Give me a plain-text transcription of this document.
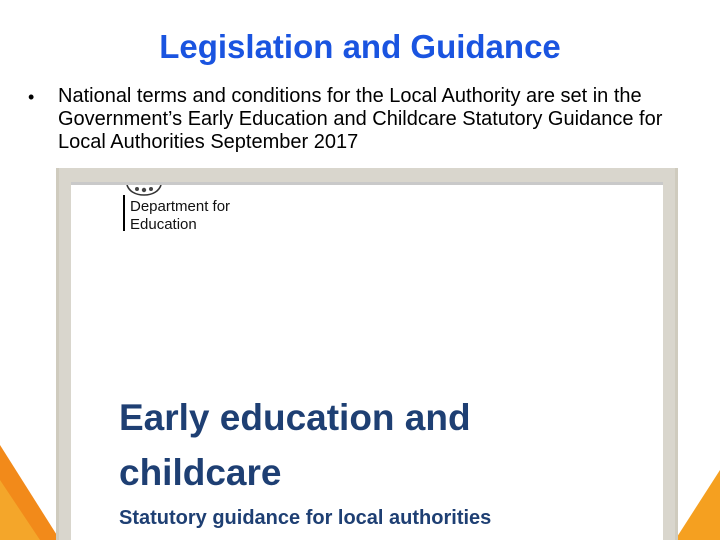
Legislation and Guidance
•	National terms and conditions for the Local Authority are set in the Government’s Early Education and Childcare Statutory Guidance for Local Authorities September 2017
Department for Education
Early education and childcare
Statutory guidance for local authorities
